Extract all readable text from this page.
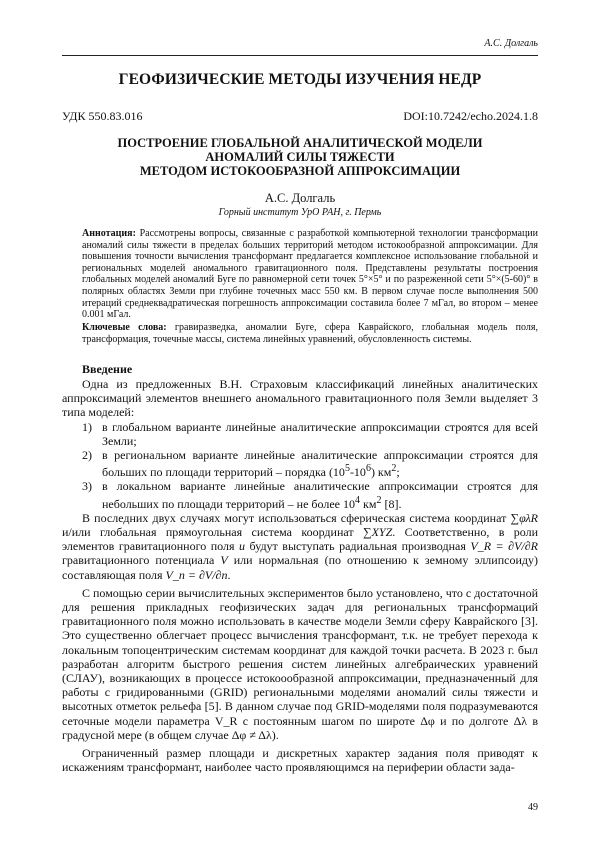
А.С. Долгаль
ГЕОФИЗИЧЕСКИЕ МЕТОДЫ ИЗУЧЕНИЯ НЕДР
УДК 550.83.016	DOI:10.7242/echo.2024.1.8
ПОСТРОЕНИЕ ГЛОБАЛЬНОЙ АНАЛИТИЧЕСКОЙ МОДЕЛИ
АНОМАЛИЙ СИЛЫ ТЯЖЕСТИ
МЕТОДОМ ИСТОКООБРАЗНОЙ АППРОКСИМАЦИИ
А.С. Долгаль
Горный институт УрО РАН, г. Пермь

Аннотация: Рассмотрены вопросы, связанные с разработкой компьютерной технологии трансформации аномалий силы тяжести в пределах больших территорий методом истокообразной аппроксимации. Для повышения точности вычисления трансформант предлагается комплексное использование глобальной и региональных моделей аномального гравитационного поля. Представлены результаты построения глобальных моделей аномалий Буге по равномерной сети точек 5°×5° и по разреженной сети 5°×(5-60)° в полярных областях Земли при глубине точечных масс 550 км. В первом случае после выполнения 500 итераций среднеквадратическая погрешность аппроксимации составила более 7 мГал, во втором – менее 0.001 мГал.

Ключевые слова: гравиразведка, аномалии Буге, сфера Каврайского, глобальная модель поля, трансформация, точечные массы, система линейных уравнений, обусловленность системы.

Введение

Одна из предложенных В.Н. Страховым классификаций линейных аналитических аппроксимаций элементов внешнего аномального гравитационного поля Земли выделяет 3 типа моделей:

1) в глобальном варианте линейные аналитические аппроксимации строятся для всей Земли;
2) в региональном варианте линейные аналитические аппроксимации строятся для больших по площади территорий – порядка $(10^5-10^6)$ $км^2$;
3) в локальном варианте линейные аналитические аппроксимации строятся для небольших по площади территорий – не более $10^4$ $км^2$ [8].

В последних двух случаях могут использоваться сферическая система координат ∑φλR и/или глобальная прямоугольная система координат ∑XYZ. Соответственно, в роли элементов гравитационного поля u будут выступать радиальная производная V_R = ∂V/∂R гравитационного потенциала V или нормальная (по отношению к земному эллипсоиду) составляющая поля V_n = ∂V/∂n.

С помощью серии вычислительных экспериментов было установлено, что с достаточной для решения прикладных геофизических задач для региональных трансформаций гравитационного поля можно использовать в качестве модели Земли сферу Каврайского [3]. Это существенно облегчает процесс вычисления трансформант, т.к. не требует перехода к локальным топоцентрическим системам координат для каждой точки расчета. В 2023 г. был разработан алгоритм быстрого решения систем линейных алгебраических уравнений (СЛАУ), возникающих в процессе истокоообразной аппроксимации, предназначенный для работы с гридированными (GRID) региональными моделями аномалий силы тяжести и высотных отметок рельефа [5]. В данном случае под GRID-моделями поля подразумеваются сеточные модели параметра V_R с постоянным шагом по широте Δφ и по долготе Δλ в градусной мере (в общем случае Δφ ≠ Δλ).

Ограниченный размер площади и дискретных характер задания поля приводят к искажениям трансформант, наиболее часто проявляющимся на периферии области зада-

49
